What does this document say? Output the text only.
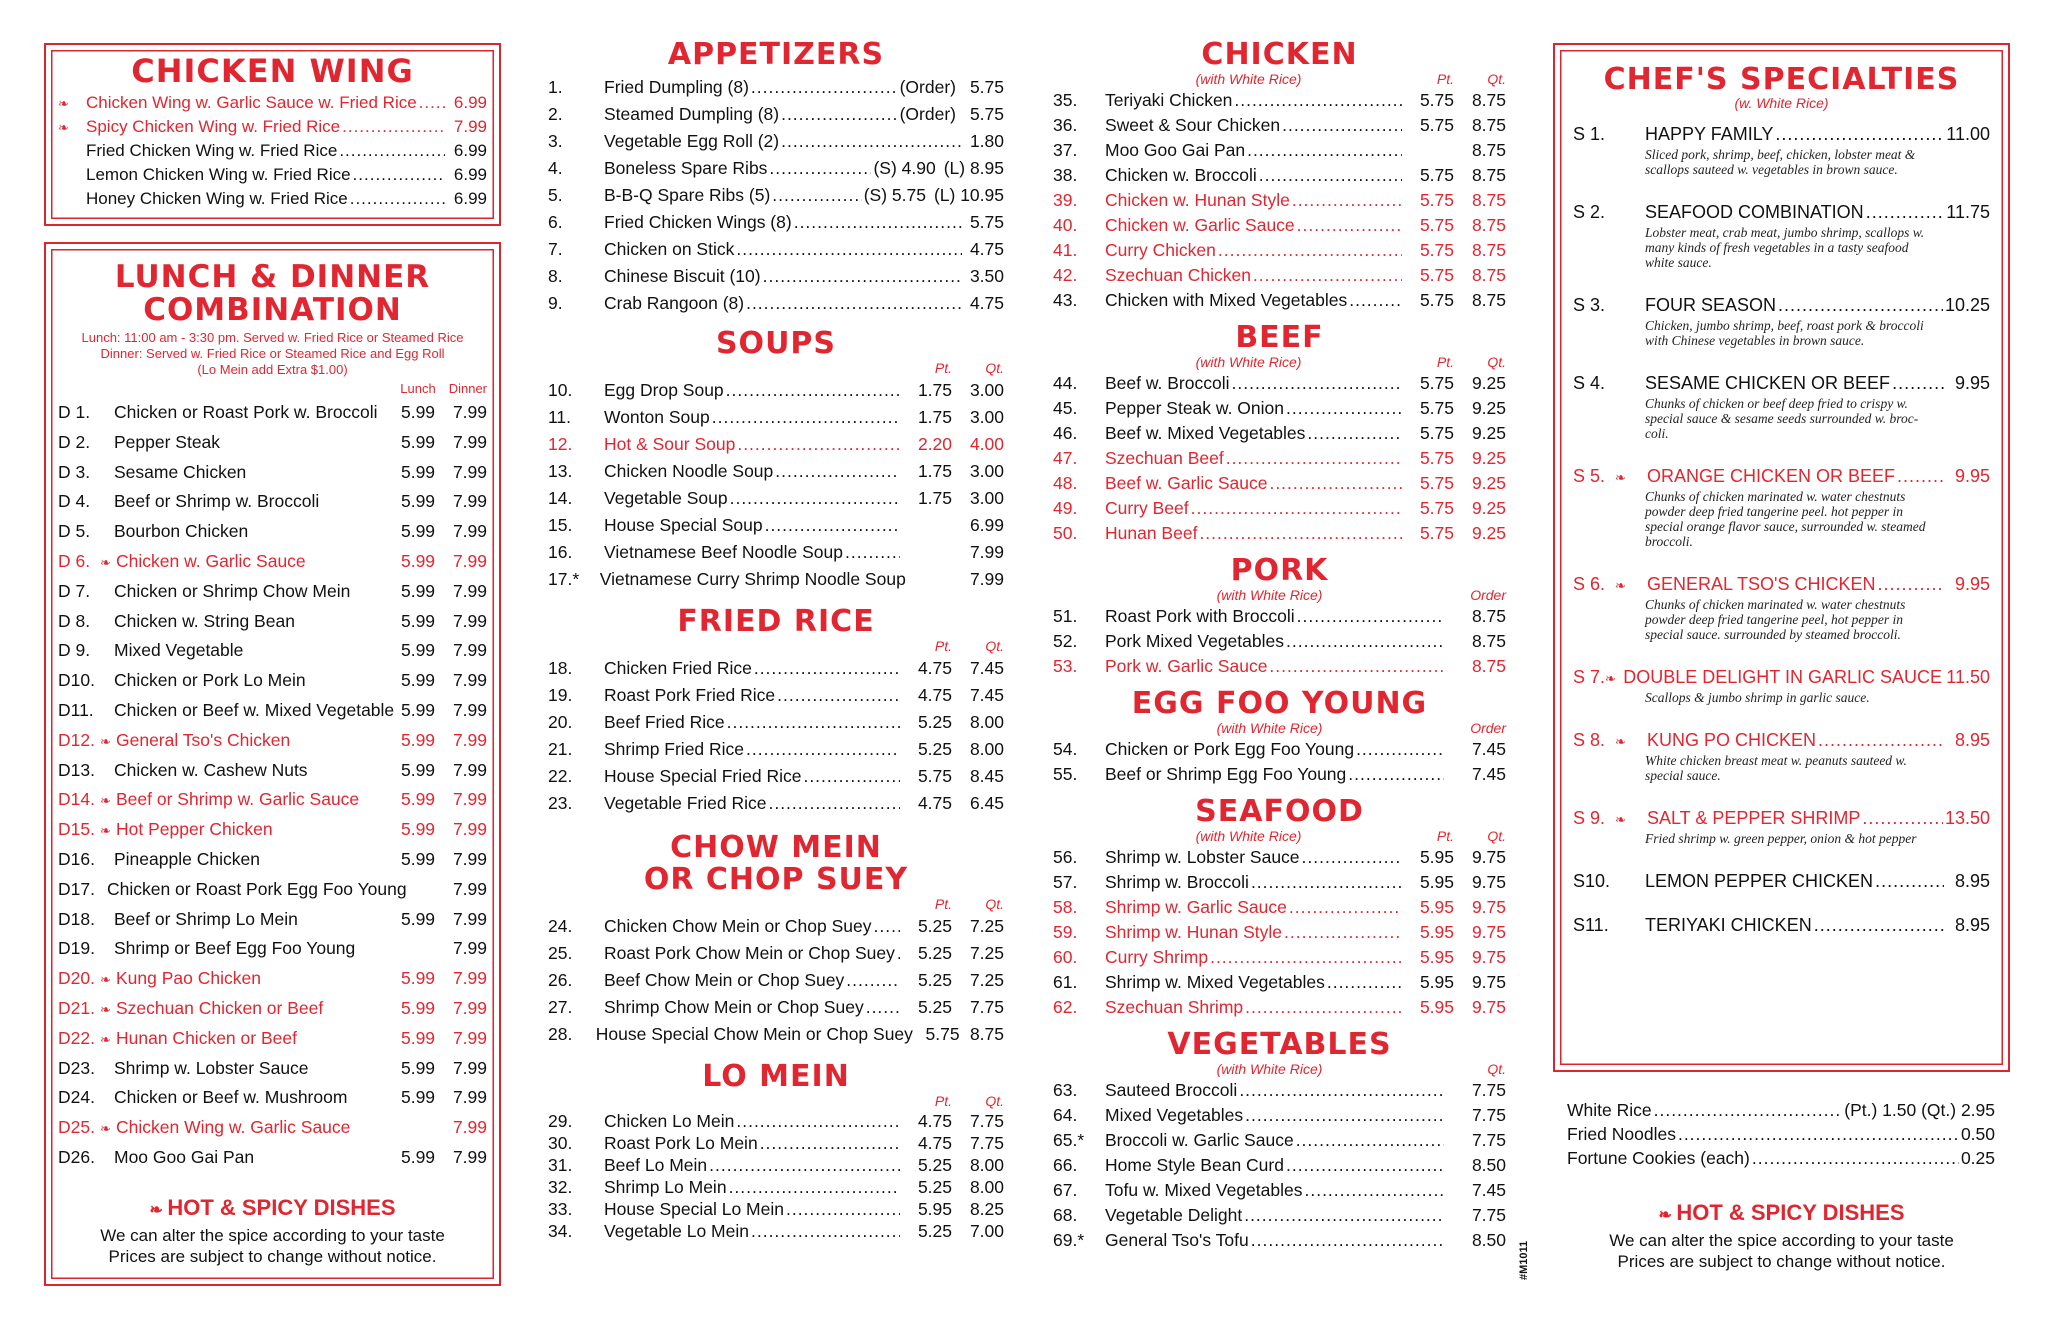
CHICKEN WING
❧	Chicken Wing w. Garlic Sauce w. Fried Rice .....	6.99
❧	Spicy Chicken Wing w. Fried Rice .....	7.99
Fried Chicken Wing w. Fried Rice .....	6.99
Lemon Chicken Wing w. Fried Rice .....	6.99
Honey Chicken Wing w. Fried Rice .....	6.99
LUNCH & DINNER
COMBINATION
Lunch: 11:00 am - 3:30 pm. Served w. Fried Rice or Steamed Rice
Dinner: Served w. Fried Rice or Steamed Rice and Egg Roll
(Lo Mein add Extra $1.00)
Lunch	Dinner
D 1.	Chicken or Roast Pork w. Broccoli	5.99	7.99
D 2.	Pepper Steak	5.99	7.99
D 3.	Sesame Chicken	5.99	7.99
D 4.	Beef or Shrimp w. Broccoli	5.99	7.99
D 5.	Bourbon Chicken	5.99	7.99
D 6. ❧ Chicken w. Garlic Sauce	5.99	7.99
D 7.	Chicken or Shrimp Chow Mein	5.99	7.99
D 8.	Chicken w. String Bean	5.99	7.99
D 9.	Mixed Vegetable	5.99	7.99
D10.	Chicken or Pork Lo Mein	5.99	7.99
D11.	Chicken or Beef w. Mixed Vegetable 5.99	7.99
D12. ❧ General Tso's Chicken	5.99	7.99
D13.	Chicken w. Cashew Nuts	5.99	7.99
D14. ❧ Beef or Shrimp w. Garlic Sauce	5.99	7.99
D15. ❧ Hot Pepper Chicken	5.99	7.99
D16.	Pineapple Chicken	5.99	7.99
D17. Chicken or Roast Pork Egg Foo Young	7.99
D18.	Beef or Shrimp Lo Mein	5.99	7.99
D19.	Shrimp or Beef Egg Foo Young	7.99
D20. ❧ Kung Pao Chicken	5.99	7.99
D21. ❧ Szechuan Chicken or Beef	5.99	7.99
D22. ❧ Hunan Chicken or Beef	5.99	7.99
D23.	Shrimp w. Lobster Sauce	5.99	7.99
D24.	Chicken or Beef w. Mushroom	5.99	7.99
D25. ❧ Chicken Wing w. Garlic Sauce	7.99
D26.	Moo Goo Gai Pan	5.99	7.99
❧ HOT & SPICY DISHES
We can alter the spice according to your taste
Prices are subject to change without notice.
APPETIZERS
1.	Fried Dumpling (8) .....	(Order) 5.75
2.	Steamed Dumpling (8) .....	(Order) 5.75
3.	Vegetable Egg Roll (2) .....	1.80
4.	Boneless Spare Ribs .....	(S) 4.90 (L) 8.95
5.	B-B-Q Spare Ribs (5) .....	(S) 5.75 (L) 10.95
6.	Fried Chicken Wings (8) .....	5.75
7.	Chicken on Stick .....	4.75
8.	Chinese Biscuit (10) .....	3.50
9.	Crab Rangoon (8) .....	4.75
SOUPS
Pt.	Qt.
10.	Egg Drop Soup .....	1.75	3.00
11.	Wonton Soup .....	1.75	3.00
12.	Hot & Sour Soup .....	2.20	4.00
13.	Chicken Noodle Soup .....	1.75	3.00
14.	Vegetable Soup .....	1.75	3.00
15.	House Special Soup .....	6.99
16.	Vietnamese Beef Noodle Soup .....	7.99
17.*	Vietnamese Curry Shrimp Noodle Soup	7.99
FRIED RICE
Pt.	Qt.
18.	Chicken Fried Rice .....	4.75	7.45
19.	Roast Pork Fried Rice .....	4.75	7.45
20.	Beef Fried Rice .....	5.25	8.00
21.	Shrimp Fried Rice .....	5.25	8.00
22.	House Special Fried Rice .....	5.75	8.45
23.	Vegetable Fried Rice .....	4.75	6.45
CHOW MEIN
OR CHOP SUEY
Pt.	Qt.
24.	Chicken Chow Mein or Chop Suey .....	5.25	7.25
25.	Roast Pork Chow Mein or Chop Suey .....	5.25	7.25
26.	Beef Chow Mein or Chop Suey .....	5.25	7.25
27.	Shrimp Chow Mein or Chop Suey .....	5.25	7.75
28.	House Special Chow Mein or Chop Suey 5.75 8.75
LO MEIN
Pt.	Qt.
29.	Chicken Lo Mein .....	4.75	7.75
30.	Roast Pork Lo Mein .....	4.75	7.75
31.	Beef Lo Mein .....	5.25	8.00
32.	Shrimp Lo Mein .....	5.25	8.00
33.	House Special Lo Mein .....	5.95	8.25
34.	Vegetable Lo Mein .....	5.25	7.00
CHICKEN
(with White Rice)	Pt.	Qt.
35.	Teriyaki Chicken .....	5.75	8.75
36.	Sweet & Sour Chicken .....	5.75	8.75
37.	Moo Goo Gai Pan .....	8.75
38.	Chicken w. Broccoli .....	5.75	8.75
39.	Chicken w. Hunan Style .....	5.75	8.75
40.	Chicken w. Garlic Sauce .....	5.75	8.75
41.	Curry Chicken .....	5.75	8.75
42.	Szechuan Chicken .....	5.75	8.75
43.	Chicken with Mixed Vegetables .....	5.75	8.75
BEEF
(with White Rice)	Pt.	Qt.
44.	Beef w. Broccoli .....	5.75	9.25
45.	Pepper Steak w. Onion .....	5.75	9.25
46.	Beef w. Mixed Vegetables .....	5.75	9.25
47.	Szechuan Beef .....	5.75	9.25
48.	Beef w. Garlic Sauce .....	5.75	9.25
49.	Curry Beef .....	5.75	9.25
50.	Hunan Beef .....	5.75	9.25
PORK
(with White Rice)	Order
51.	Roast Pork with Broccoli .....	8.75
52.	Pork Mixed Vegetables .....	8.75
53.	Pork w. Garlic Sauce .....	8.75
EGG FOO YOUNG
(with White Rice)	Order
54.	Chicken or Pork Egg Foo Young .....	7.45
55.	Beef or Shrimp Egg Foo Young .....	7.45
SEAFOOD
(with White Rice)	Pt.	Qt.
56.	Shrimp w. Lobster Sauce .....	5.95	9.75
57.	Shrimp w. Broccoli .....	5.95	9.75
58.	Shrimp w. Garlic Sauce .....	5.95	9.75
59.	Shrimp w. Hunan Style .....	5.95	9.75
60.	Curry Shrimp .....	5.95	9.75
61.	Shrimp w. Mixed Vegetables .....	5.95	9.75
62.	Szechuan Shrimp .....	5.95	9.75
VEGETABLES
(with White Rice)	Qt.
63.	Sauteed Broccoli .....	7.75
64.	Mixed Vegetables .....	7.75
65.*	Broccoli w. Garlic Sauce .....	7.75
66.	Home Style Bean Curd .....	8.50
67.	Tofu w. Mixed Vegetables .....	7.45
68.	Vegetable Delight .....	7.75
69.*	General Tso's Tofu .....	8.50
#M1011
CHEF'S SPECIALTIES
(w. White Rice)
S 1.	HAPPY FAMILY .....	11.00
Sliced pork, shrimp, beef, chicken, lobster meat & scallops sauteed w. vegetables in brown sauce.
S 2.	SEAFOOD COMBINATION .....	11.75
Lobster meat, crab meat, jumbo shrimp, scallops w. many kinds of fresh vegetables in a tasty seafood white sauce.
S 3.	FOUR SEASON .....	10.25
Chicken, jumbo shrimp, beef, roast pork & broccoli with Chinese vegetables in brown sauce.
S 4.	SESAME CHICKEN OR BEEF .....	9.95
Chunks of chicken or beef deep fried to crispy w. special sauce & sesame seeds surrounded w. broc- coli.
S 5. ❧	ORANGE CHICKEN OR BEEF .....	9.95
Chunks of chicken marinated w. water chestnuts powder deep fried tangerine peel. hot pepper in special orange flavor sauce, surrounded w. steamed broccoli.
S 6. ❧	GENERAL TSO'S CHICKEN .....	9.95
Chunks of chicken marinated w. water chestnuts powder deep fried tangerine peel, hot pepper in special sauce. surrounded by steamed broccoli.
S 7. ❧ DOUBLE DELIGHT IN GARLIC SAUCE 11.50
Scallops & jumbo shrimp in garlic sauce.
S 8. ❧	KUNG PO CHICKEN .....	8.95
White chicken breast meat w. peanuts sauteed w. special sauce.
S 9. ❧	SALT & PEPPER SHRIMP .....	13.50
Fried shrimp w. green pepper, onion & hot pepper
S10.	LEMON PEPPER CHICKEN .....	8.95
S11.	TERIYAKI CHICKEN .....	8.95
White Rice .....	(Pt.) 1.50 (Qt.) 2.95
Fried Noodles .....	0.50
Fortune Cookies (each) .....	0.25
❧ HOT & SPICY DISHES
We can alter the spice according to your taste
Prices are subject to change without notice.
